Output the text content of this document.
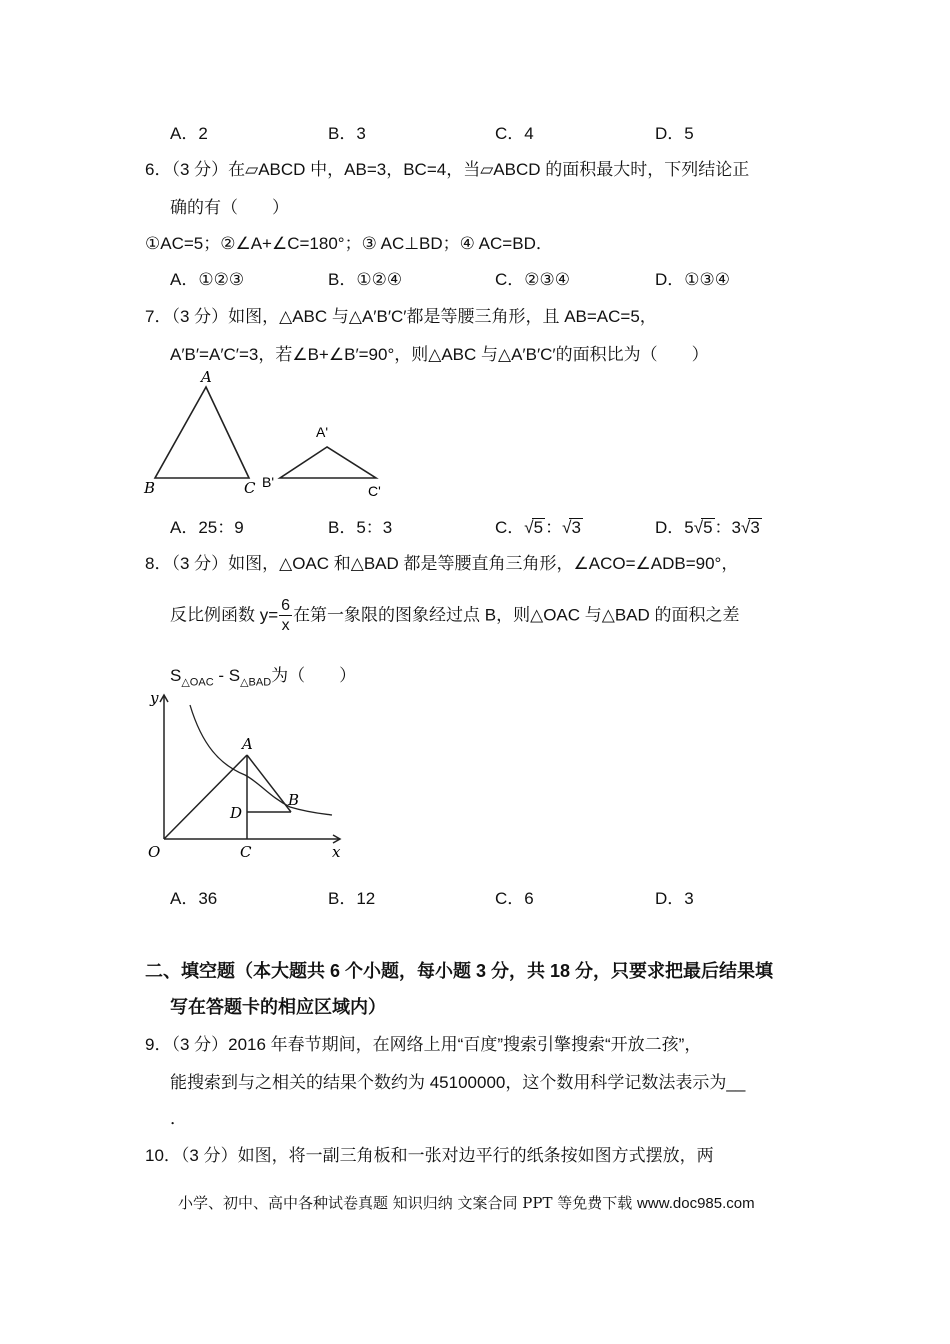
A．2	B．3	C．4	D．5
6．（3 分）在▱ABCD 中，AB=3，BC=4，当▱ABCD 的面积最大时，下列结论正
确的有（　　）
①AC=5；②∠A+∠C=180°；③ AC⊥BD；④ AC=BD．
A．①②③	B．①②④	C．②③④	D．①③④
7．（3 分）如图，△ABC 与△A′B′C′都是等腰三角形，且 AB=AC=5，
A′B′=A′C′=3，若∠B+∠B′=90°，则△ABC 与△A′B′C′的面积比为（　　）
A
B	C
A'
B'
C'
A．25：9	B．5：3	C．√5 ：√3	D．5√5 ：3√3
8．（3 分）如图，△OAC 和△BAD 都是等腰直角三角形，∠ACO=∠ADB=90°，
反比例函数 $y= \frac{6}{x}$ 在第一象限的图象经过点 B，则△OAC 与△BAD 的面积之差
$S_{\triangle OAC} - S_{\triangle BAD}$为（　　）
y
x
O
A
B
C
D
A．36	B．12	C．6	D．3
二、填空题（本大题共 6 个小题，每小题 3 分，共 18 分，只要求把最后结果填
写在答题卡的相应区域内）
9．（3 分）2016 年春节期间，在网络上用“百度”搜索引擎搜索“开放二孩”，
能搜索到与之相关的结果个数约为 45100000，这个数用科学记数法表示为__
．
10．（3 分）如图，将一副三角板和一张对边平行的纸条按如图方式摆放，两
小学、初中、高中各种试卷真题 知识归纳 文案合同 PPT 等免费下载 www.doc985.com
